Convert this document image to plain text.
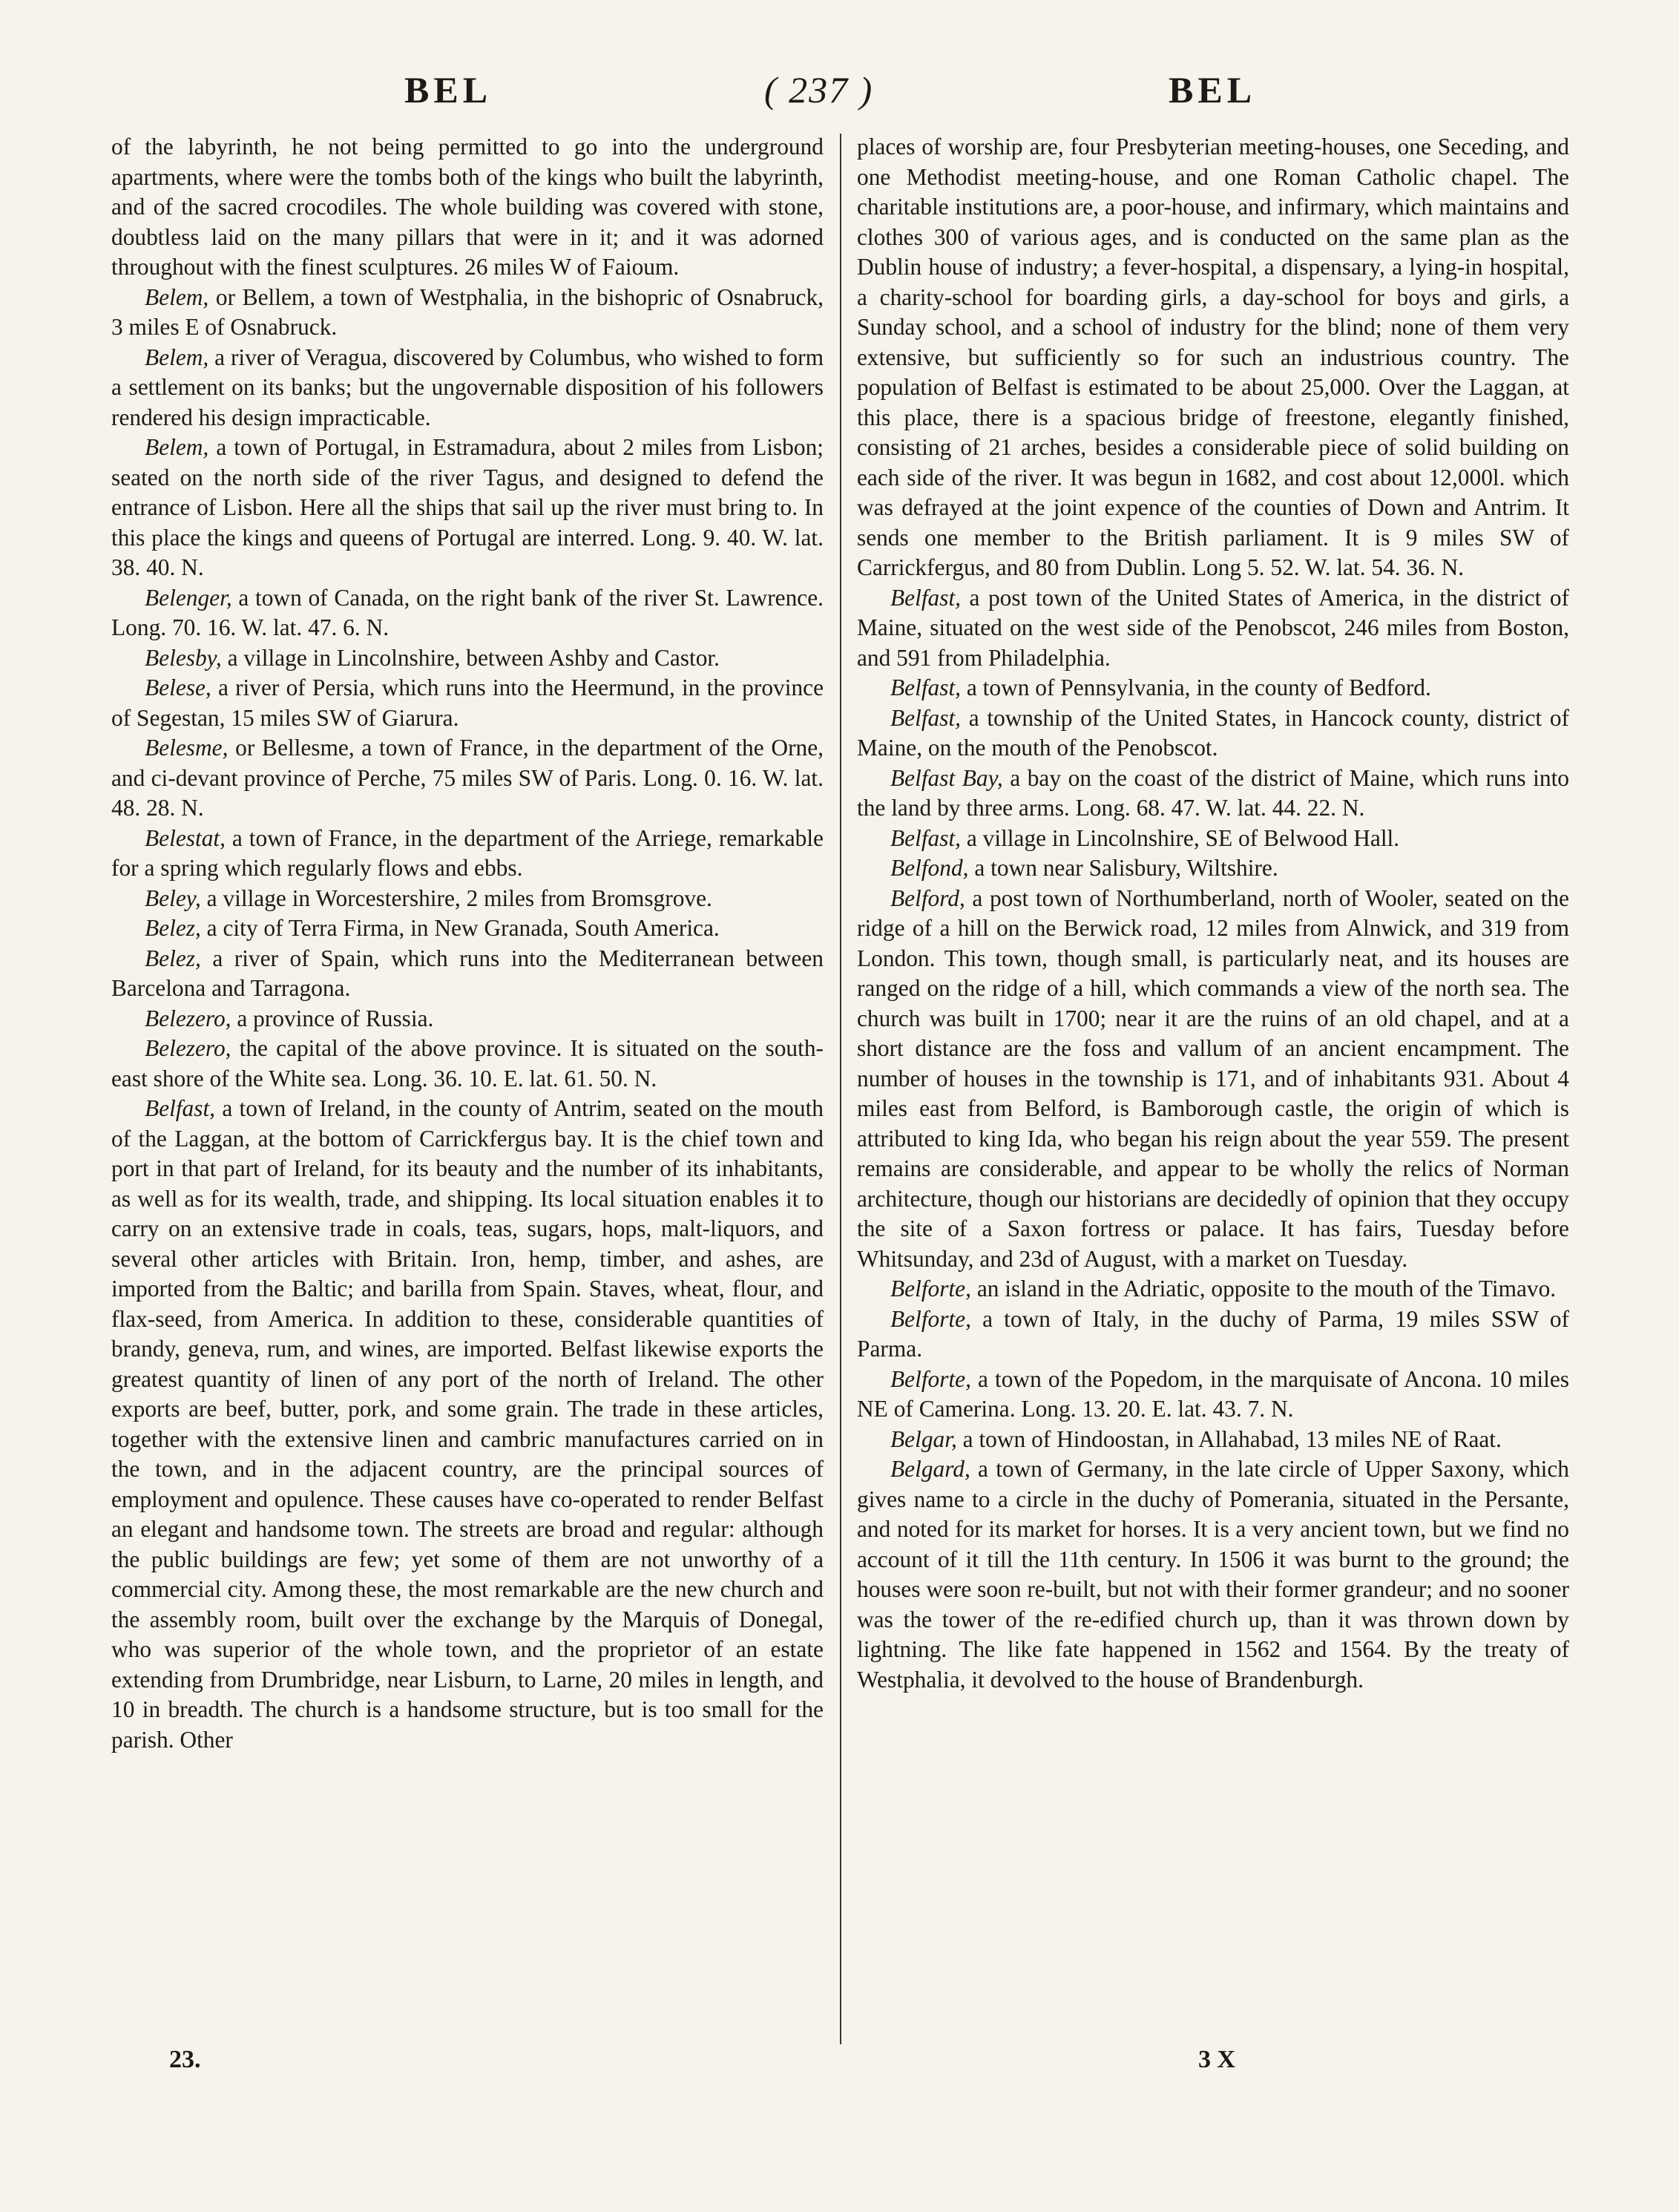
BEL	( 237 )	BEL

of the labyrinth, he not being permitted to go into the underground apartments, where were the tombs both of the kings who built the labyrinth, and of the sacred crocodiles. The whole building was covered with stone, doubtless laid on the many pillars that were in it; and it was adorned throughout with the finest sculptures. 26 miles W of Faioum.

Belem, or Bellem, a town of Westphalia, in the bishopric of Osnabruck, 3 miles E of Osnabruck.

Belem, a river of Veragua, discovered by Columbus, who wished to form a settlement on its banks; but the ungovernable disposition of his followers rendered his design impracticable.

Belem, a town of Portugal, in Estramadura, about 2 miles from Lisbon; seated on the north side of the river Tagus, and designed to defend the entrance of Lisbon. Here all the ships that sail up the river must bring to. In this place the kings and queens of Portugal are interred. Long. 9. 40. W. lat. 38. 40. N.

Belenger, a town of Canada, on the right bank of the river St. Lawrence. Long. 70. 16. W. lat. 47. 6. N.

Belesby, a village in Lincolnshire, between Ashby and Castor.

Belese, a river of Persia, which runs into the Heermund, in the province of Segestan, 15 miles SW of Giarura.

Belesme, or Bellesme, a town of France, in the department of the Orne, and ci-devant province of Perche, 75 miles SW of Paris. Long. 0. 16. W. lat. 48. 28. N.

Belestat, a town of France, in the department of the Arriege, remarkable for a spring which regularly flows and ebbs.

Beley, a village in Worcestershire, 2 miles from Bromsgrove.

Belez, a city of Terra Firma, in New Granada, South America.

Belez, a river of Spain, which runs into the Mediterranean between Barcelona and Tarragona.

Belezero, a province of Russia.

Belezero, the capital of the above province. It is situated on the south-east shore of the White sea. Long. 36. 10. E. lat. 61. 50. N.

Belfast, a town of Ireland, in the county of Antrim, seated on the mouth of the Laggan, at the bottom of Carrickfergus bay. It is the chief town and port in that part of Ireland, for its beauty and the number of its inhabitants, as well as for its wealth, trade, and shipping. Its local situation enables it to carry on an extensive trade in coals, teas, sugars, hops, malt-liquors, and several other articles with Britain. Iron, hemp, timber, and ashes, are imported from the Baltic; and barilla from Spain. Staves, wheat, flour, and flax-seed, from America. In addition to these, considerable quantities of brandy, geneva, rum, and wines, are imported. Belfast likewise exports the greatest quantity of linen of any port of the north of Ireland. The other exports are beef, butter, pork, and some grain. The trade in these articles, together with the extensive linen and cambric manufactures carried on in the town, and in the adjacent country, are the principal sources of employment and opulence. These causes have co-operated to render Belfast an elegant and handsome town. The streets are broad and regular: although the public buildings are few; yet some of them are not unworthy of a commercial city. Among these, the most remarkable are the new church and the assembly room, built over the exchange by the Marquis of Donegal, who was superior of the whole town, and the proprietor of an estate extending from Drumbridge, near Lisburn, to Larne, 20 miles in length, and 10 in breadth. The church is a handsome structure, but is too small for the parish. Other

places of worship are, four Presbyterian meeting-houses, one Seceding, and one Methodist meeting-house, and one Roman Catholic chapel. The charitable institutions are, a poor-house, and infirmary, which maintains and clothes 300 of various ages, and is conducted on the same plan as the Dublin house of industry; a fever-hospital, a dispensary, a lying-in hospital, a charity-school for boarding girls, a day-school for boys and girls, a Sunday school, and a school of industry for the blind; none of them very extensive, but sufficiently so for such an industrious country. The population of Belfast is estimated to be about 25,000. Over the Laggan, at this place, there is a spacious bridge of freestone, elegantly finished, consisting of 21 arches, besides a considerable piece of solid building on each side of the river. It was begun in 1682, and cost about 12,000l. which was defrayed at the joint expence of the counties of Down and Antrim. It sends one member to the British parliament. It is 9 miles SW of Carrickfergus, and 80 from Dublin. Long 5. 52. W. lat. 54. 36. N.

Belfast, a post town of the United States of America, in the district of Maine, situated on the west side of the Penobscot, 246 miles from Boston, and 591 from Philadelphia.

Belfast, a town of Pennsylvania, in the county of Bedford.

Belfast, a township of the United States, in Hancock county, district of Maine, on the mouth of the Penobscot.

Belfast Bay, a bay on the coast of the district of Maine, which runs into the land by three arms. Long. 68. 47. W. lat. 44. 22. N.

Belfast, a village in Lincolnshire, SE of Belwood Hall.

Belfond, a town near Salisbury, Wiltshire.

Belford, a post town of Northumberland, north of Wooler, seated on the ridge of a hill on the Berwick road, 12 miles from Alnwick, and 319 from London. This town, though small, is particularly neat, and its houses are ranged on the ridge of a hill, which commands a view of the north sea. The church was built in 1700; near it are the ruins of an old chapel, and at a short distance are the foss and vallum of an ancient encampment. The number of houses in the township is 171, and of inhabitants 931. About 4 miles east from Belford, is Bamborough castle, the origin of which is attributed to king Ida, who began his reign about the year 559. The present remains are considerable, and appear to be wholly the relics of Norman architecture, though our historians are decidedly of opinion that they occupy the site of a Saxon fortress or palace. It has fairs, Tuesday before Whitsunday, and 23d of August, with a market on Tuesday.

Belforte, an island in the Adriatic, opposite to the mouth of the Timavo.

Belforte, a town of Italy, in the duchy of Parma, 19 miles SSW of Parma.

Belforte, a town of the Popedom, in the marquisate of Ancona. 10 miles NE of Camerina. Long. 13. 20. E. lat. 43. 7. N.

Belgar, a town of Hindoostan, in Allahabad, 13 miles NE of Raat.

Belgard, a town of Germany, in the late circle of Upper Saxony, which gives name to a circle in the duchy of Pomerania, situated in the Persante, and noted for its market for horses. It is a very ancient town, but we find no account of it till the 11th century. In 1506 it was burnt to the ground; the houses were soon re-built, but not with their former grandeur; and no sooner was the tower of the re-edified church up, than it was thrown down by lightning. The like fate happened in 1562 and 1564. By the treaty of Westphalia, it devolved to the house of Brandenburgh.

23.	3 X
